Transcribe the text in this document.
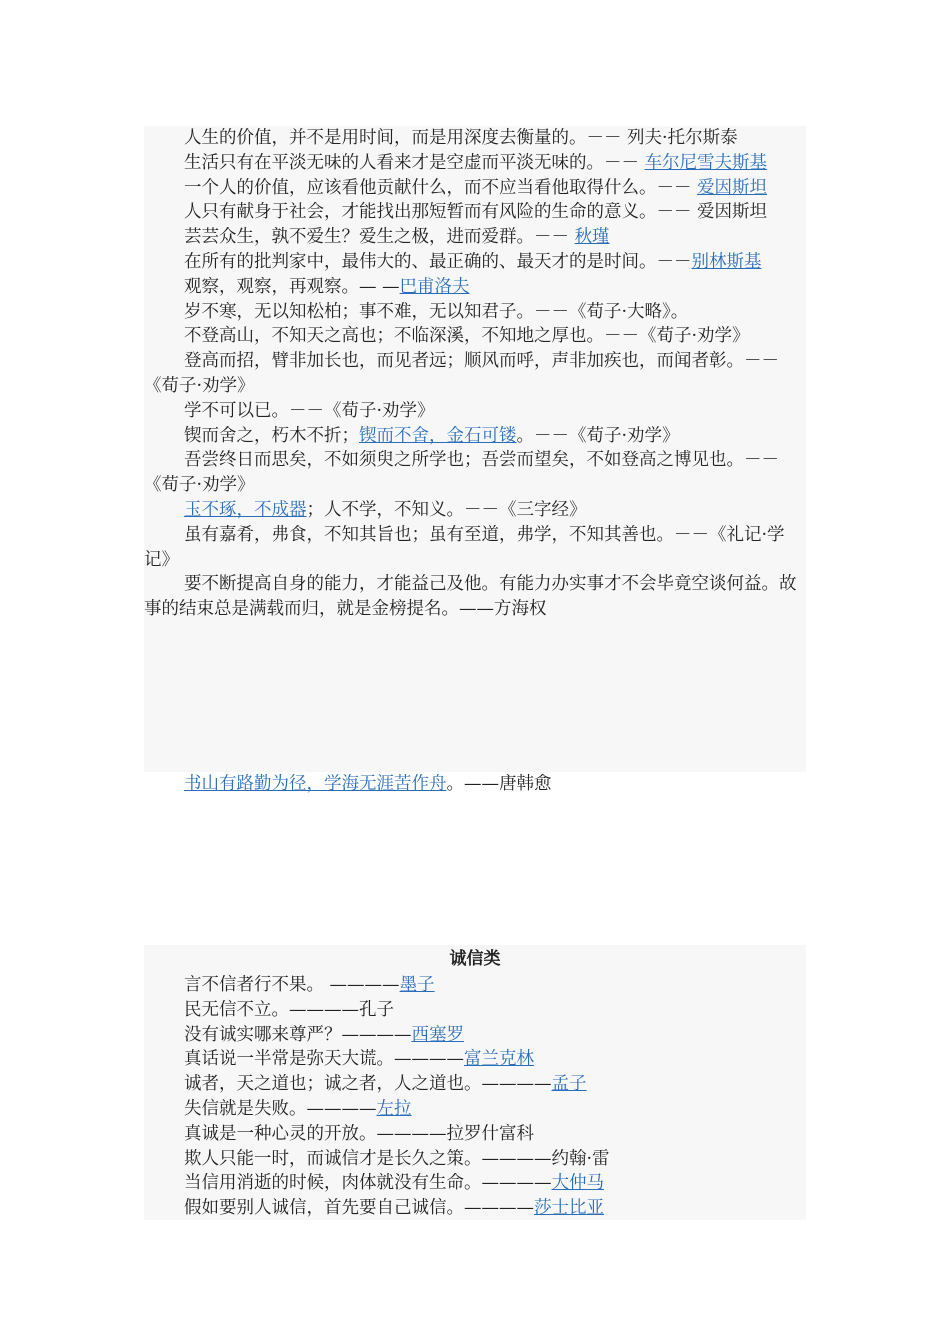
人生的价值，并不是用时间，而是用深度去衡量的。－－ 列夫·托尔斯泰

生活只有在平淡无味的人看来才是空虚而平淡无味的。－－ 车尔尼雪夫斯基

一个人的价值，应该看他贡献什么，而不应当看他取得什么。－－ 爱因斯坦

人只有献身于社会，才能找出那短暂而有风险的生命的意义。－－ 爱因斯坦

芸芸众生，孰不爱生？爱生之极，进而爱群。－－ 秋瑾

在所有的批判家中，最伟大的、最正确的、最天才的是时间。－－别林斯基

观察，观察，再观察。— —巴甫洛夫

岁不寒，无以知松柏；事不难，无以知君子。－－《荀子·大略》。

不登高山，不知天之高也；不临深溪，不知地之厚也。－－《荀子·劝学》

登高而招，臂非加长也，而见者远；顺风而呼，声非加疾也，而闻者彰。－－《荀子·劝学》

学不可以已。－－《荀子·劝学》

锲而舍之，朽木不折；锲而不舍，金石可镂。－－《荀子·劝学》

吾尝终日而思矣，不如须臾之所学也；吾尝而望矣，不如登高之博见也。－－《荀子·劝学》

玉不琢，不成器；人不学，不知义。－－《三字经》

虽有嘉肴，弗食，不知其旨也；虽有至道，弗学，不知其善也。－－《礼记·学记》

要不断提高自身的能力，才能益己及他。有能力办实事才不会毕竟空谈何益。故事的结束总是满载而归，就是金榜提名。——方海权

书山有路勤为径，学海无涯苦作舟。——唐韩愈

诚信类

言不信者行不果。 ————墨子

民无信不立。————孔子

没有诚实哪来尊严？————西塞罗

真话说一半常是弥天大谎。————富兰克林

诚者，天之道也；诚之者，人之道也。————孟子

失信就是失败。————左拉

真诚是一种心灵的开放。————拉罗什富科

欺人只能一时，而诚信才是长久之策。————约翰·雷

当信用消逝的时候，肉体就没有生命。————大仲马

假如要别人诚信，首先要自己诚信。————莎士比亚
